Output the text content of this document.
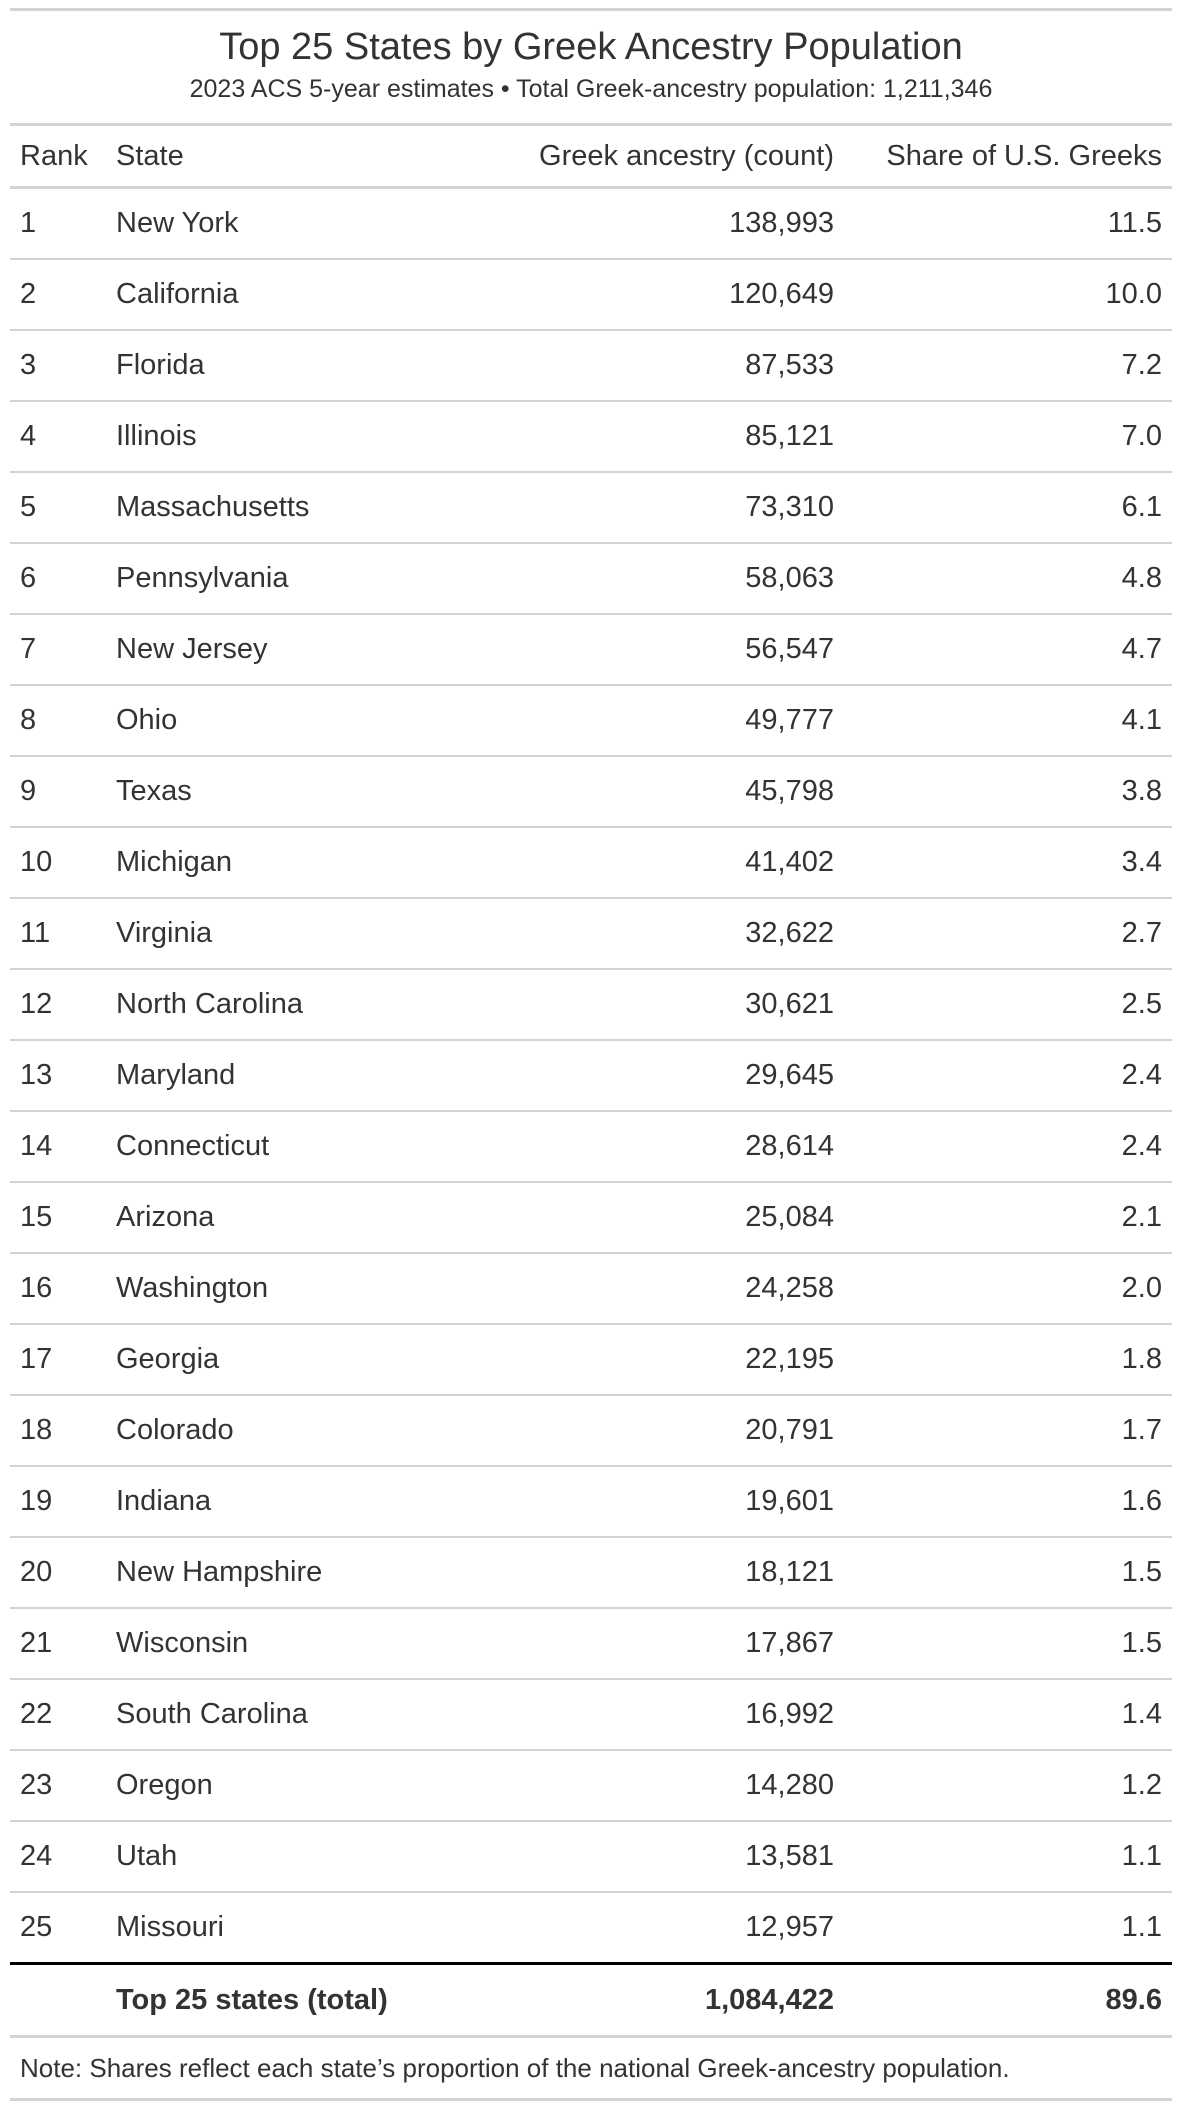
Top 25 States by Greek Ancestry Population
2023 ACS 5-year estimates • Total Greek-ancestry population: 1,211,346
Rank	State	Greek ancestry (count)	Share of U.S. Greeks
1	New York	138,993	11.5
2	California	120,649	10.0
3	Florida	87,533	7.2
4	Illinois	85,121	7.0
5	Massachusetts	73,310	6.1
6	Pennsylvania	58,063	4.8
7	New Jersey	56,547	4.7
8	Ohio	49,777	4.1
9	Texas	45,798	3.8
10	Michigan	41,402	3.4
11	Virginia	32,622	2.7
12	North Carolina	30,621	2.5
13	Maryland	29,645	2.4
14	Connecticut	28,614	2.4
15	Arizona	25,084	2.1
16	Washington	24,258	2.0
17	Georgia	22,195	1.8
18	Colorado	20,791	1.7
19	Indiana	19,601	1.6
20	New Hampshire	18,121	1.5
21	Wisconsin	17,867	1.5
22	South Carolina	16,992	1.4
23	Oregon	14,280	1.2
24	Utah	13,581	1.1
25	Missouri	12,957	1.1
	Top 25 states (total)	1,084,422	89.6
Note: Shares reflect each state’s proportion of the national Greek-ancestry population.
